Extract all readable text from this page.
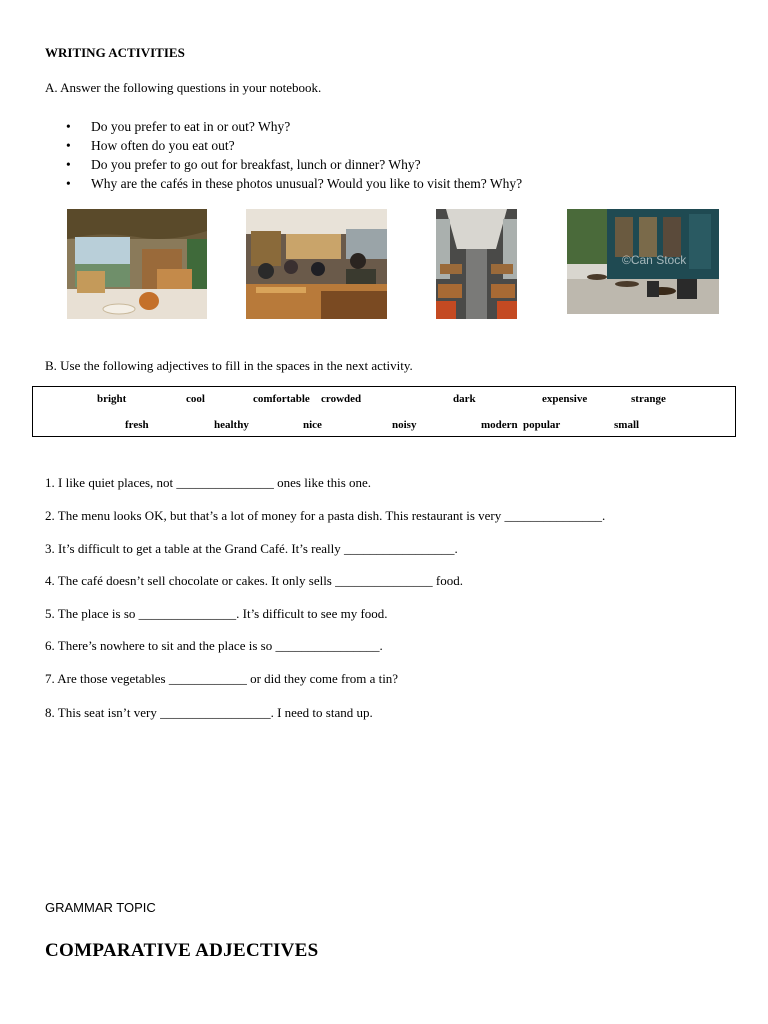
WRITING ACTIVITIES
A. Answer the following questions in your notebook.
• Do you prefer to eat in or out? Why?
• How often do you eat out?
• Do you prefer to go out for breakfast, lunch or dinner? Why?
• Why are the cafés in these photos unusual? Would you like to visit them? Why?
©Can Stock
B. Use the following adjectives to fill in the spaces in the next activity.
bright	cool	comfortable crowded	dark	expensive	strange
fresh	healthy	nice	noisy	modern popular	small
1. I like quiet places, not _______________ ones like this one.
2. The menu looks OK, but that’s a lot of money for a pasta dish. This restaurant is very _______________.
3. It’s difficult to get a table at the Grand Café. It’s really _________________.
4. The café doesn’t sell chocolate or cakes. It only sells _______________ food.
5. The place is so _______________. It’s difficult to see my food.
6. There’s nowhere to sit and the place is so ________________.
7. Are those vegetables ____________ or did they come from a tin?
8. This seat isn’t very _________________. I need to stand up.
GRAMMAR TOPIC
COMPARATIVE ADJECTIVES
